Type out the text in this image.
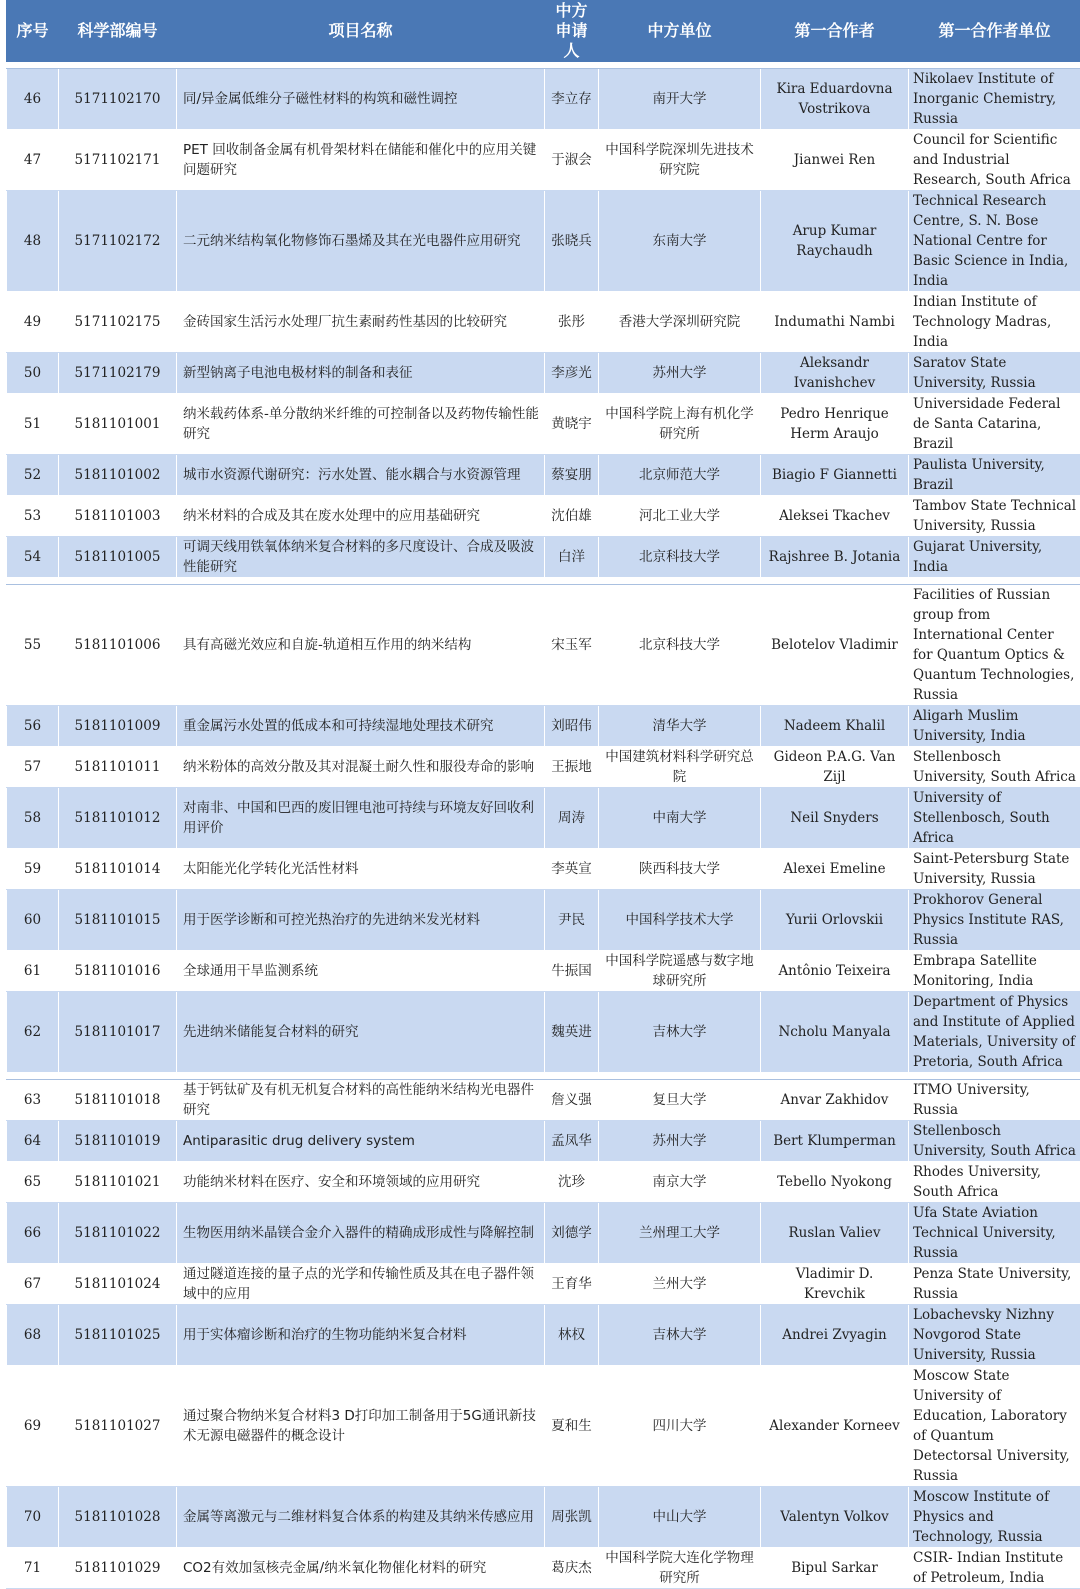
序号	科学部编号	项目名称	中方申请人	中方单位	第一合作者	第一合作者单位

46	5171102170	同/异金属低维分子磁性材料的构筑和磁性调控	李立存	南开大学	Kira Eduardovna Vostrikova	Nikolaev Institute of Inorganic Chemistry, Russia
47	5171102171	PET 回收制备金属有机骨架材料在储能和催化中的应用关键问题研究	于淑会	中国科学院深圳先进技术研究院	Jianwei Ren	Council for Scientific and Industrial Research, South Africa
48	5171102172	二元纳米结构氧化物修饰石墨烯及其在光电器件应用研究	张晓兵	东南大学	Arup Kumar Raychaudh	Technical Research Centre, S. N. Bose National Centre for Basic Science in India, India
49	5171102175	金砖国家生活污水处理厂抗生素耐药性基因的比较研究	张彤	香港大学深圳研究院	Indumathi Nambi	Indian Institute of Technology Madras, India
50	5171102179	新型钠离子电池电极材料的制备和表征	李彦光	苏州大学	Aleksandr Ivanishchev	Saratov State University, Russia
51	5181101001	纳米载药体系-单分散纳米纤维的可控制备以及药物传输性能研究	黄晓宇	中国科学院上海有机化学研究所	Pedro Henrique Herm Araujo	Universidade Federal de Santa Catarina, Brazil
52	5181101002	城市水资源代谢研究：污水处置、能水耦合与水资源管理	蔡宴朋	北京师范大学	Biagio F Giannetti	Paulista University, Brazil
53	5181101003	纳米材料的合成及其在废水处理中的应用基础研究	沈伯雄	河北工业大学	Aleksei Tkachev	Tambov State Technical University, Russia
54	5181101005	可调天线用铁氧体纳米复合材料的多尺度设计、合成及吸波性能研究	白洋	北京科技大学	Rajshree B. Jotania	Gujarat University, India

55	5181101006	具有高磁光效应和自旋-轨道相互作用的纳米结构	宋玉军	北京科技大学	Belotelov Vladimir	Facilities of Russian group from International Center for Quantum Optics & Quantum Technologies, Russia
56	5181101009	重金属污水处置的低成本和可持续湿地处理技术研究	刘昭伟	清华大学	Nadeem Khalil	Aligarh Muslim University, India
57	5181101011	纳米粉体的高效分散及其对混凝土耐久性和服役寿命的影响	王振地	中国建筑材料科学研究总院	Gideon P.A.G. Van Zijl	Stellenbosch University, South Africa
58	5181101012	对南非、中国和巴西的废旧锂电池可持续与环境友好回收利用评价	周涛	中南大学	Neil Snyders	University of Stellenbosch, South Africa
59	5181101014	太阳能光化学转化光活性材料	李英宣	陕西科技大学	Alexei Emeline	Saint-Petersburg State University, Russia
60	5181101015	用于医学诊断和可控光热治疗的先进纳米发光材料	尹民	中国科学技术大学	Yurii Orlovskii	Prokhorov General Physics Institute RAS, Russia
61	5181101016	全球通用干旱监测系统	牛振国	中国科学院遥感与数字地球研究所	Antônio Teixeira	Embrapa Satellite Monitoring, India
62	5181101017	先进纳米储能复合材料的研究	魏英进	吉林大学	Ncholu Manyala	Department of Physics and Institute of Applied Materials, University of Pretoria, South Africa

63	5181101018	基于钙钛矿及有机无机复合材料的高性能纳米结构光电器件研究	詹义强	复旦大学	Anvar Zakhidov	ITMO University, Russia
64	5181101019	Antiparasitic drug delivery system	孟凤华	苏州大学	Bert Klumperman	Stellenbosch University, South Africa
65	5181101021	功能纳米材料在医疗、安全和环境领域的应用研究	沈珍	南京大学	Tebello Nyokong	Rhodes University, South Africa
66	5181101022	生物医用纳米晶镁合金介入器件的精确成形成性与降解控制	刘德学	兰州理工大学	Ruslan Valiev	Ufa State Aviation Technical University, Russia
67	5181101024	通过隧道连接的量子点的光学和传输性质及其在电子器件领域中的应用	王育华	兰州大学	Vladimir D. Krevchik	Penza State University, Russia
68	5181101025	用于实体瘤诊断和治疗的生物功能纳米复合材料	林权	吉林大学	Andrei Zvyagin	Lobachevsky Nizhny Novgorod State University, Russia
69	5181101027	通过聚合物纳米复合材料3 D打印加工制备用于5G通讯新技术无源电磁器件的概念设计	夏和生	四川大学	Alexander Korneev	Moscow State University of Education, Laboratory of Quantum Detectorsal University, Russia
70	5181101028	金属等离激元与二维材料复合体系的构建及其纳米传感应用	周张凯	中山大学	Valentyn Volkov	Moscow Institute of Physics and Technology, Russia
71	5181101029	CO2有效加氢核壳金属/纳米氧化物催化材料的研究	葛庆杰	中国科学院大连化学物理研究所	Bipul Sarkar	CSIR- Indian Institute of Petroleum, India
